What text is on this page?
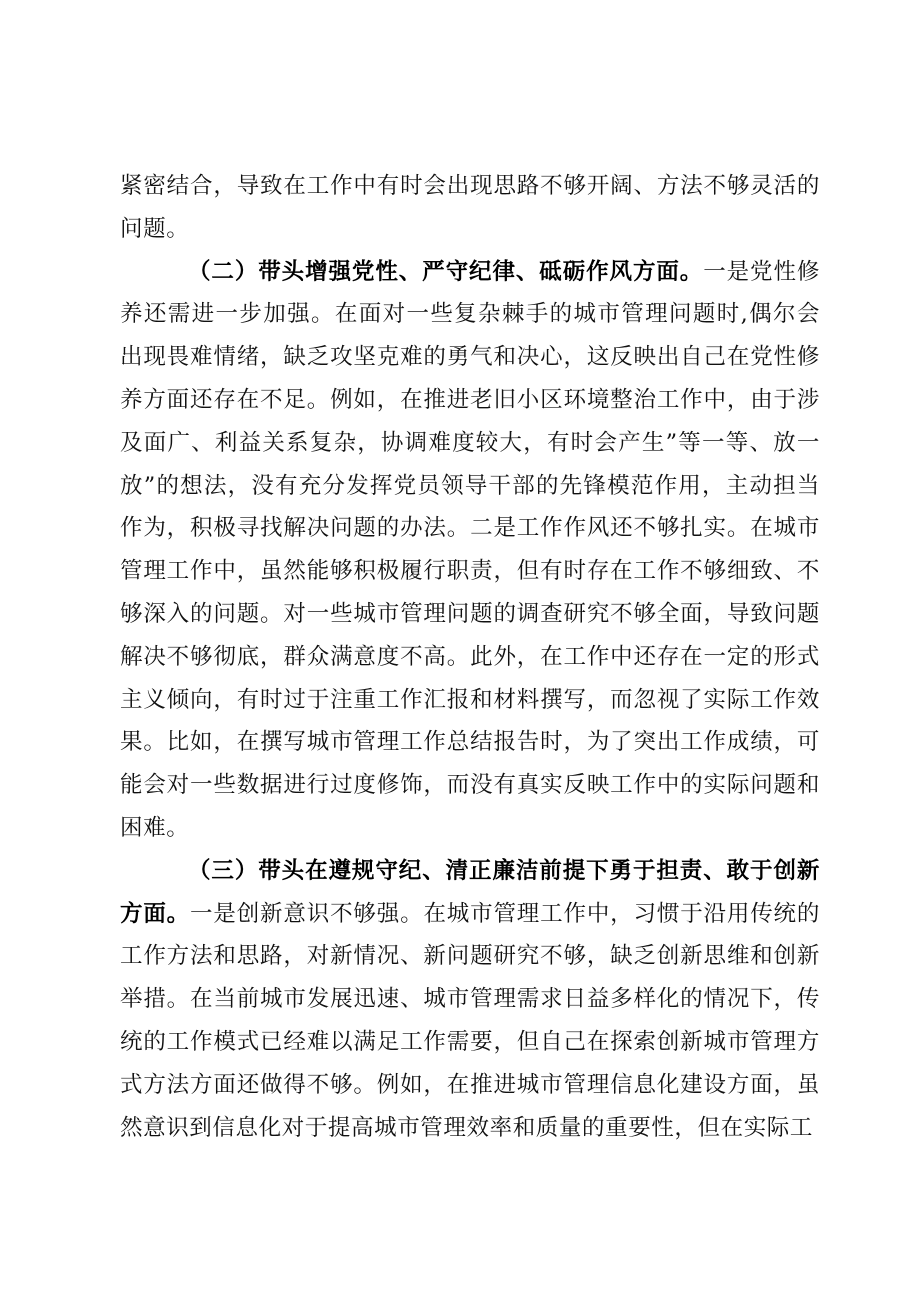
紧密结合，导致在工作中有时会出现思路不够开阔、方法不够灵活的问题。

（二）带头增强党性、严守纪律、砥砺作风方面。一是党性修养还需进一步加强。在面对一些复杂棘手的城市管理问题时,偶尔会出现畏难情绪，缺乏攻坚克难的勇气和决心，这反映出自己在党性修养方面还存在不足。例如，在推进老旧小区环境整治工作中，由于涉及面广、利益关系复杂，协调难度较大，有时会产生”等一等、放一放”的想法，没有充分发挥党员领导干部的先锋模范作用，主动担当作为，积极寻找解决问题的办法。二是工作作风还不够扎实。在城市管理工作中，虽然能够积极履行职责，但有时存在工作不够细致、不够深入的问题。对一些城市管理问题的调查研究不够全面，导致问题解决不够彻底，群众满意度不高。此外，在工作中还存在一定的形式主义倾向，有时过于注重工作汇报和材料撰写，而忽视了实际工作效果。比如，在撰写城市管理工作总结报告时，为了突出工作成绩，可能会对一些数据进行过度修饰，而没有真实反映工作中的实际问题和困难。

（三）带头在遵规守纪、清正廉洁前提下勇于担责、敢于创新方面。一是创新意识不够强。在城市管理工作中，习惯于沿用传统的工作方法和思路，对新情况、新问题研究不够，缺乏创新思维和创新举措。在当前城市发展迅速、城市管理需求日益多样化的情况下，传统的工作模式已经难以满足工作需要，但自己在探索创新城市管理方式方法方面还做得不够。例如，在推进城市管理信息化建设方面，虽然意识到信息化对于提高城市管理效率和质量的重要性，但在实际工
